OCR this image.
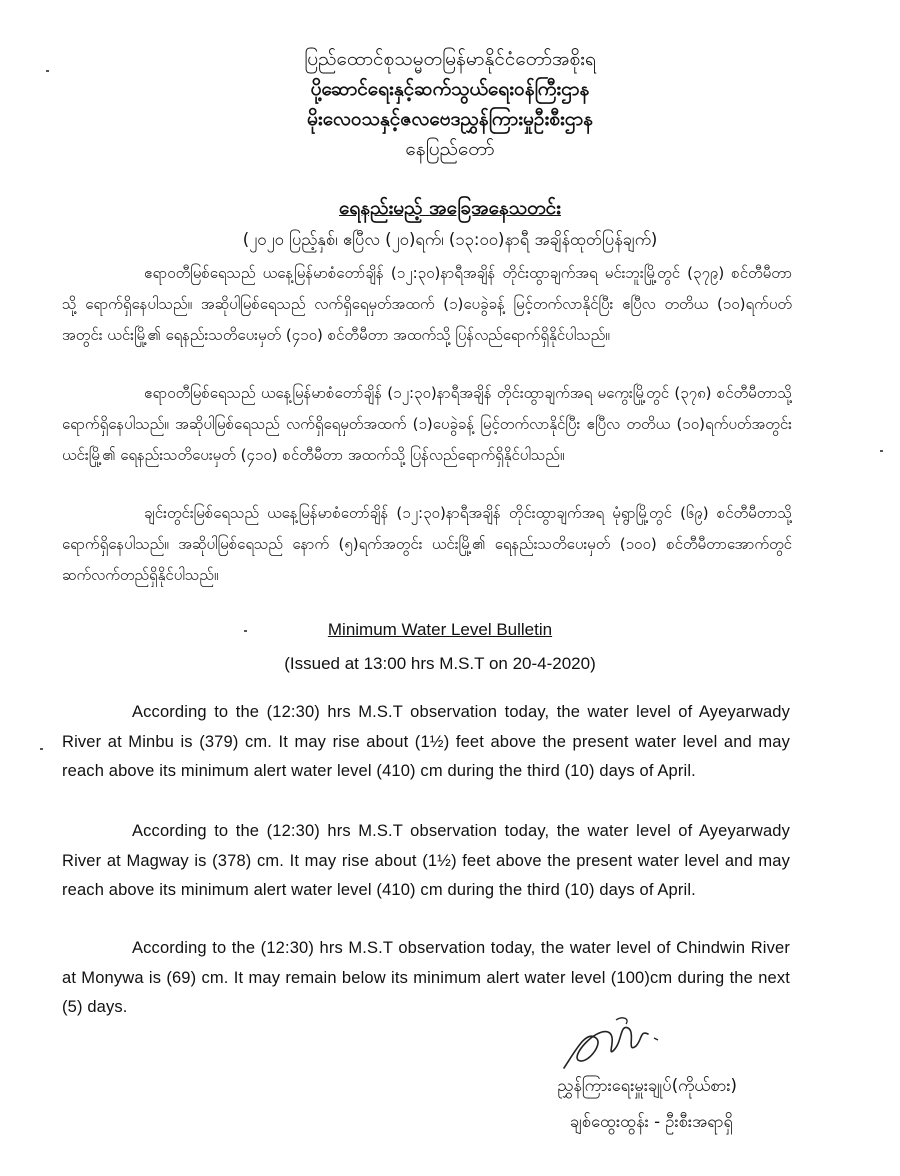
ပြည်ထောင်စုသမ္မတမြန်မာနိုင်ငံတော်အစိုးရ
ပို့ဆောင်ရေးနှင့်ဆက်သွယ်ရေးဝန်ကြီးဌာန
မိုးလေဝသနှင့်ဇလဗေဒညွှန်ကြားမှုဦးစီးဌာန
နေပြည်တော်
ရေနည်းမည့် အခြေအနေသတင်း
(၂၀၂၀ ပြည့်နှစ်၊ ဧပြီလ (၂၀)ရက်၊ (၁၃:၀၀)နာရီ အချိန်ထုတ်ပြန်ချက်)

ဧရာဝတီမြစ်ရေသည် ယနေ့မြန်မာစံတော်ချိန် (၁၂:၃၀)နာရီအချိန် တိုင်းထွာချက်အရ မင်းဘူးမြို့တွင် (၃၇၉) စင်တီမီတာသို့ ရောက်ရှိနေပါသည်။ အဆိုပါမြစ်ရေသည် လက်ရှိရေမှတ်အထက် (၁)ပေခွဲခန့် မြင့်တက်လာနိုင်ပြီး ဧပြီလ တတိယ (၁၀)ရက်ပတ်အတွင်း ယင်းမြို့၏ ရေနည်းသတိပေးမှတ် (၄၁၀) စင်တီမီတာ အထက်သို့ ပြန်လည်ရောက်ရှိနိုင်ပါသည်။

ဧရာဝတီမြစ်ရေသည် ယနေ့မြန်မာစံတော်ချိန် (၁၂:၃၀)နာရီအချိန် တိုင်းထွာချက်အရ မကွေးမြို့တွင် (၃၇၈) စင်တီမီတာသို့ ရောက်ရှိနေပါသည်။ အဆိုပါမြစ်ရေသည် လက်ရှိရေမှတ်အထက် (၁)ပေခွဲခန့် မြင့်တက်လာနိုင်ပြီး ဧပြီလ တတိယ (၁၀)ရက်ပတ်အတွင်း ယင်းမြို့၏ ရေနည်းသတိပေးမှတ် (၄၁၀) စင်တီမီတာ အထက်သို့ ပြန်လည်ရောက်ရှိနိုင်ပါသည်။

ချင်းတွင်းမြစ်ရေသည် ယနေ့မြန်မာစံတော်ချိန် (၁၂:၃၀)နာရီအချိန် တိုင်းထွာချက်အရ မုံရွာမြို့တွင် (၆၉) စင်တီမီတာသို့ ရောက်ရှိနေပါသည်။ အဆိုပါမြစ်ရေသည် နောက် (၅)ရက်အတွင်း ယင်းမြို့၏ ရေနည်းသတိပေးမှတ် (၁၀၀) စင်တီမီတာအောက်တွင် ဆက်လက်တည်ရှိနိုင်ပါသည်။

Minimum Water Level Bulletin
(Issued at 13:00 hrs M.S.T on 20-4-2020)

According to the (12:30) hrs M.S.T observation today, the water level of Ayeyarwady River at Minbu is (379) cm. It may rise about (1½) feet above the present water level and may reach above its minimum alert water level (410) cm during the third (10) days of April.

According to the (12:30) hrs M.S.T observation today, the water level of Ayeyarwady River at Magway is (378) cm. It may rise about (1½) feet above the present water level and may reach above its minimum alert water level (410) cm during the third (10) days of April.

According to the (12:30) hrs M.S.T observation today, the water level of Chindwin River at Monywa is (69) cm. It may remain below its minimum alert water level (100)cm during the next (5) days.

ညွှန်ကြားရေးမှူးချုပ်(ကိုယ်စား)
ချစ်ထွေးထွန်း - ဦးစီးအရာရှိ
